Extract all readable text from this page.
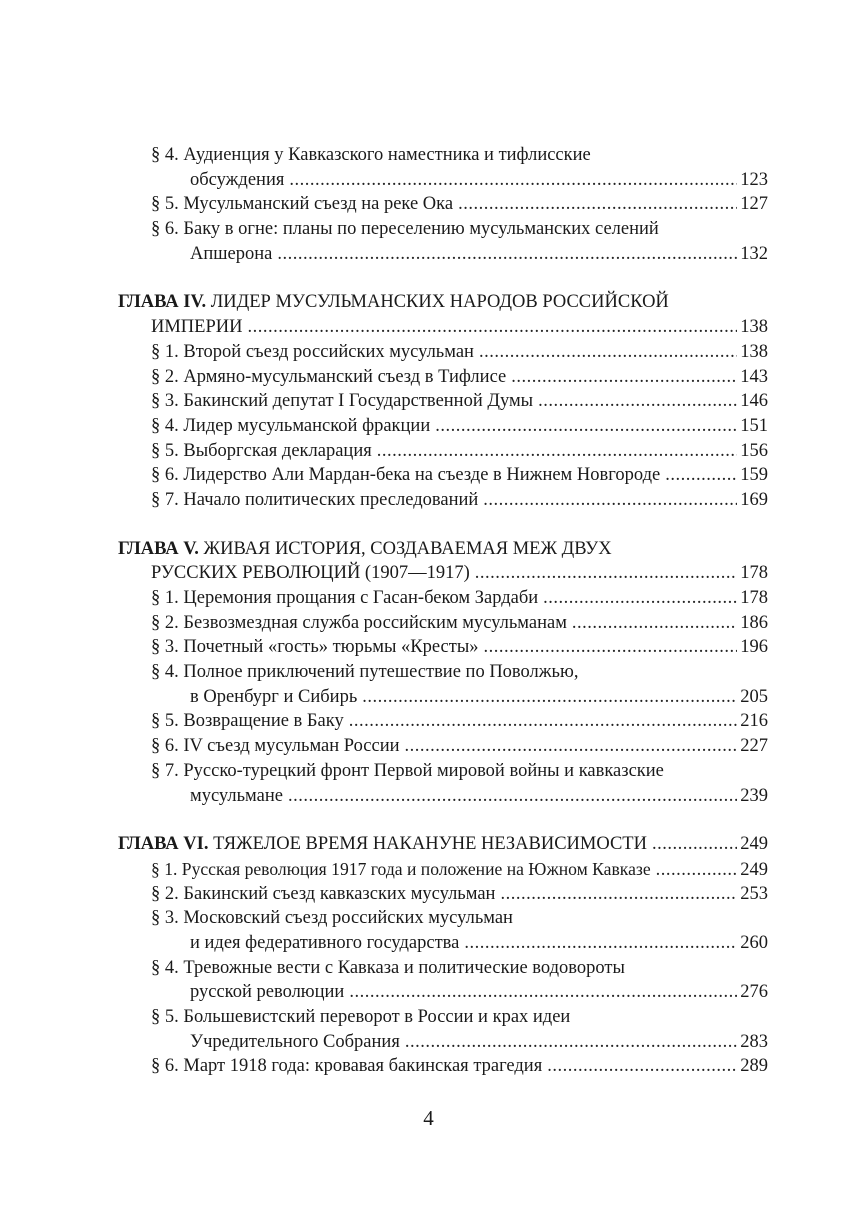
§ 4. Аудиенция у Кавказского наместника и тифлисские
обсуждения .....	123
§ 5. Мусульманский съезд на реке Ока .....	127
§ 6. Баку в огне: планы по переселению мусульманских селений
Апшерона .....	132
ГЛАВА IV. ЛИДЕР МУСУЛЬМАНСКИХ НАРОДОВ РОССИЙСКОЙ
ИМПЕРИИ .....	138
§ 1. Второй съезд российских мусульман .....	138
§ 2. Армяно-мусульманский съезд в Тифлисе .....	143
§ 3. Бакинский депутат I Государственной Думы .....	146
§ 4. Лидер мусульманской фракции .....	151
§ 5. Выборгская декларация .....	156
§ 6. Лидерство Али Мардан-бека на съезде в Нижнем Новгороде .....	159
§ 7. Начало политических преследований .....	169
ГЛАВА V. ЖИВАЯ ИСТОРИЯ, СОЗДАВАЕМАЯ МЕЖ ДВУХ
РУССКИХ РЕВОЛЮЦИЙ (1907—1917) .....	178
§ 1. Церемония прощания с Гасан-беком Зардаби .....	178
§ 2. Безвозмездная служба российским мусульманам .....	186
§ 3. Почетный «гость» тюрьмы «Кресты» .....	196
§ 4. Полное приключений путешествие по Поволжью,
в Оренбург и Сибирь .....	205
§ 5. Возвращение в Баку .....	216
§ 6. IV съезд мусульман России .....	227
§ 7. Русско-турецкий фронт Первой мировой войны и кавказские
мусульмане .....	239
ГЛАВА VI. ТЯЖЕЛОЕ ВРЕМЯ НАКАНУНЕ НЕЗАВИСИМОСТИ .....	249
§ 1. Русская революция 1917 года и положение на Южном Кавказе .....	249
§ 2. Бакинский съезд кавказских мусульман .....	253
§ 3. Московский съезд российских мусульман
и идея федеративного государства .....	260
§ 4. Тревожные вести с Кавказа и политические водовороты
русской революции .....	276
§ 5. Большевистский переворот в России и крах идеи
Учредительного Собрания .....	283
§ 6. Март 1918 года: кровавая бакинская трагедия .....	289
4
